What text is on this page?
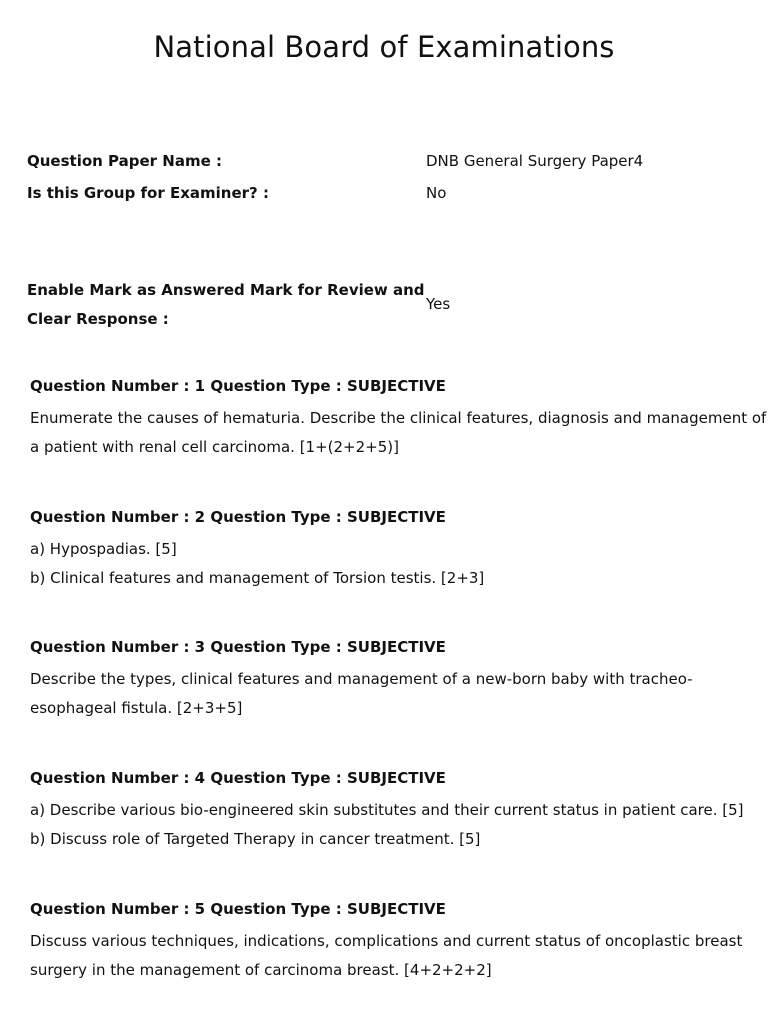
National Board of Examinations
Question Paper Name :	DNB General Surgery Paper4
Is this Group for Examiner? :	No
Enable Mark as Answered Mark for Review and
Clear Response :
Yes
Question Number : 1 Question Type : SUBJECTIVE
Enumerate the causes of hematuria. Describe the clinical features, diagnosis and management of
a patient with renal cell carcinoma. [1+(2+2+5)]
Question Number : 2 Question Type : SUBJECTIVE
a) Hypospadias. [5]
b) Clinical features and management of Torsion testis. [2+3]
Question Number : 3 Question Type : SUBJECTIVE
Describe the types, clinical features and management of a new-born baby with tracheo-
esophageal fistula. [2+3+5]
Question Number : 4 Question Type : SUBJECTIVE
a) Describe various bio-engineered skin substitutes and their current status in patient care. [5]
b) Discuss role of Targeted Therapy in cancer treatment. [5]
Question Number : 5 Question Type : SUBJECTIVE
Discuss various techniques, indications, complications and current status of oncoplastic breast
surgery in the management of carcinoma breast. [4+2+2+2]
